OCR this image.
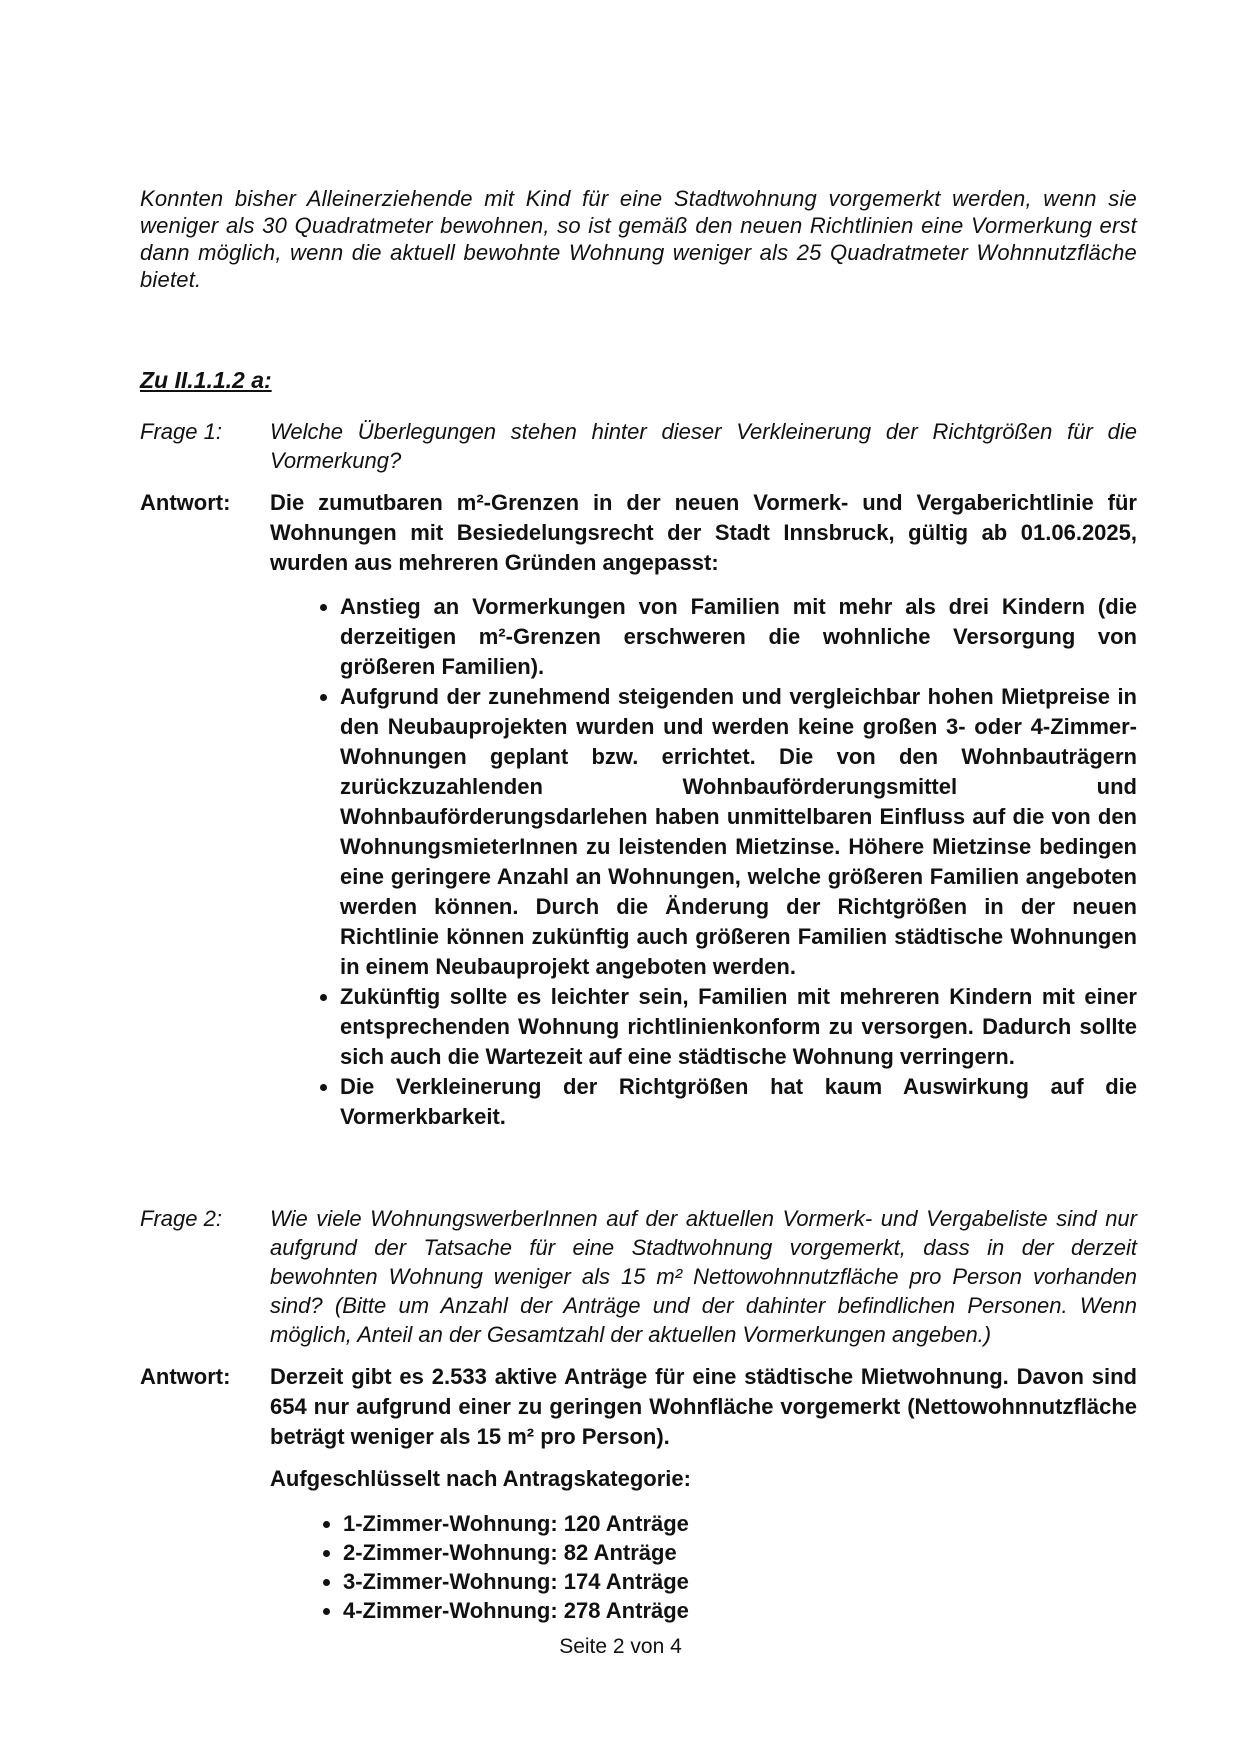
Konnten bisher Alleinerziehende mit Kind für eine Stadtwohnung vorgemerkt werden, wenn sie weniger als 30 Quadratmeter bewohnen, so ist gemäß den neuen Richtlinien eine Vormerkung erst dann möglich, wenn die aktuell bewohnte Wohnung weniger als 25 Quadratmeter Wohnnutzfläche bietet.

Zu II.1.1.2 a:
Frage 1:	Welche Überlegungen stehen hinter dieser Verkleinerung der Richtgrößen für die Vormerkung?
Antwort:	Die zumutbaren m²-Grenzen in der neuen Vormerk- und Vergaberichtlinie für Wohnungen mit Besiedelungsrecht der Stadt Innsbruck, gültig ab 01.06.2025, wurden aus mehreren Gründen angepasst:
• Anstieg an Vormerkungen von Familien mit mehr als drei Kindern (die derzeitigen m²-Grenzen erschweren die wohnliche Versorgung von größeren Familien).
• Aufgrund der zunehmend steigenden und vergleichbar hohen Mietpreise in den Neubauprojekten wurden und werden keine großen 3- oder 4-Zimmer-Wohnungen geplant bzw. errichtet. Die von den Wohnbauträgern zurückzuzahlenden Wohnbauförderungsmittel und Wohnbauförderungsdarlehen haben unmittelbaren Einfluss auf die von den WohnungsmieterInnen zu leistenden Mietzinse. Höhere Mietzinse bedingen eine geringere Anzahl an Wohnungen, welche größeren Familien angeboten werden können. Durch die Änderung der Richtgrößen in der neuen Richtlinie können zukünftig auch größeren Familien städtische Wohnungen in einem Neubauprojekt angeboten werden.
• Zukünftig sollte es leichter sein, Familien mit mehreren Kindern mit einer entsprechenden Wohnung richtlinienkonform zu versorgen. Dadurch sollte sich auch die Wartezeit auf eine städtische Wohnung verringern.
• Die Verkleinerung der Richtgrößen hat kaum Auswirkung auf die Vormerkbarkeit.
Frage 2:	Wie viele WohnungswerberInnen auf der aktuellen Vormerk- und Vergabeliste sind nur aufgrund der Tatsache für eine Stadtwohnung vorgemerkt, dass in der derzeit bewohnten Wohnung weniger als 15 m² Nettowohnnutzfläche pro Person vorhanden sind? (Bitte um Anzahl der Anträge und der dahinter befindlichen Personen. Wenn möglich, Anteil an der Gesamtzahl der aktuellen Vormerkungen angeben.)
Antwort:	Derzeit gibt es 2.533 aktive Anträge für eine städtische Mietwohnung. Davon sind 654 nur aufgrund einer zu geringen Wohnfläche vorgemerkt (Nettowohnnutzfläche beträgt weniger als 15 m² pro Person).

Aufgeschlüsselt nach Antragskategorie:

• 1-Zimmer-Wohnung: 120 Anträge
• 2-Zimmer-Wohnung: 82 Anträge
• 3-Zimmer-Wohnung: 174 Anträge
• 4-Zimmer-Wohnung: 278 Anträge
Seite 2 von 4
